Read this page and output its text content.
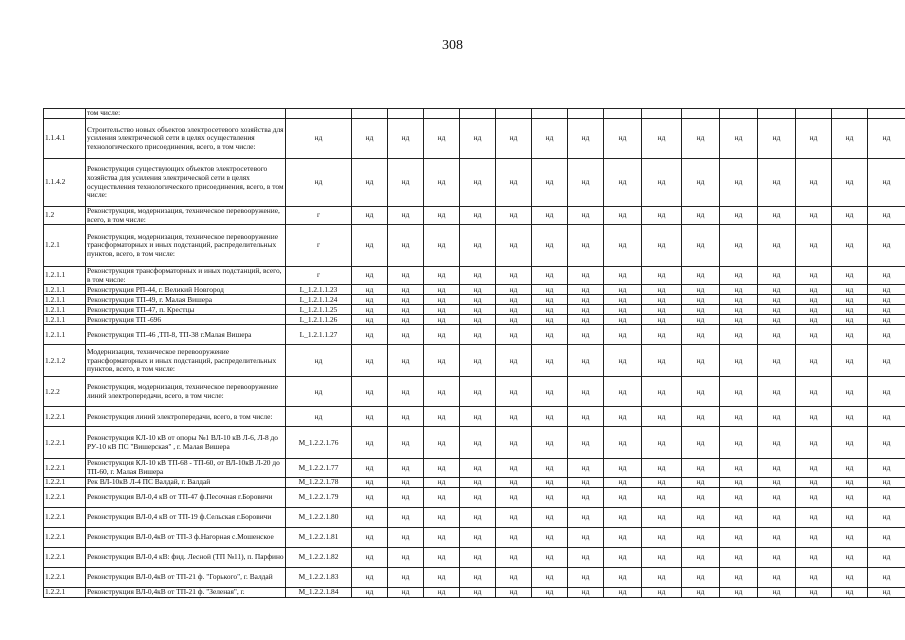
308
	том числе:																
1.1.4.1	Строительство новых объектов электросетевого хозяйства для усиления электрической сети в целях осуществления технологического присоединения, всего, в том числе:	нд	нд	нд	нд	нд	нд	нд	нд	нд	нд	нд	нд	нд	нд	нд	нд
1.1.4.2	Реконструкция существующих объектов электросетевого хозяйства для усиления электрической сети в целях осуществления технологического присоединения, всего, в том числе:	нд	нд	нд	нд	нд	нд	нд	нд	нд	нд	нд	нд	нд	нд	нд	нд
1.2	Реконструкция, модернизация, техническое перевооружение, всего, в том числе:	г	нд	нд	нд	нд	нд	нд	нд	нд	нд	нд	нд	нд	нд	нд	нд
1.2.1	Реконструкция, модернизация, техническое перевооружение трансформаторных и иных подстанций, распределительных пунктов, всего, в том числе:	г	нд	нд	нд	нд	нд	нд	нд	нд	нд	нд	нд	нд	нд	нд	нд
1.2.1.1	Реконструкция трансформаторных и иных подстанций, всего, в том числе:	г	нд	нд	нд	нд	нд	нд	нд	нд	нд	нд	нд	нд	нд	нд	нд
1.2.1.1	Реконструкция РП-44, г. Великий Новгород	L_1.2.1.1.23	нд	нд	нд	нд	нд	нд	нд	нд	нд	нд	нд	нд	нд	нд	нд
1.2.1.1	Реконструкция ТП-49, г. Малая Вишера	L_1.2.1.1.24	нд	нд	нд	нд	нд	нд	нд	нд	нд	нд	нд	нд	нд	нд	нд
1.2.1.1	Реконструкция ТП-47, п. Крестцы	L_1.2.1.1.25	нд	нд	нд	нд	нд	нд	нд	нд	нд	нд	нд	нд	нд	нд	нд
1.2.1.1	Реконструкция ТП -696	L_1.2.1.1.26	нд	нд	нд	нд	нд	нд	нд	нд	нд	нд	нд	нд	нд	нд	нд
1.2.1.1	Реконструкция ТП-46 ,ТП-8, ТП-38 г.Малая Вишера	L_1.2.1.1.27	нд	нд	нд	нд	нд	нд	нд	нд	нд	нд	нд	нд	нд	нд	нд
1.2.1.2	Модернизация, техническое перевооружение трансформаторных и иных подстанций, распределительных пунктов, всего, в том числе:	нд	нд	нд	нд	нд	нд	нд	нд	нд	нд	нд	нд	нд	нд	нд	нд
1.2.2	Реконструкция, модернизация, техническое перевооружение линий электропередачи, всего, в том числе:	нд	нд	нд	нд	нд	нд	нд	нд	нд	нд	нд	нд	нд	нд	нд	нд
1.2.2.1	Реконструкция линий электропередачи, всего, в том числе:	нд	нд	нд	нд	нд	нд	нд	нд	нд	нд	нд	нд	нд	нд	нд	нд
1.2.2.1	Реконструкция КЛ-10 кВ от опоры №1 ВЛ-10 кВ Л-6, Л-8 до РУ-10 кВ ПС "Вишерская" , г. Малая Вишера	M_1.2.2.1.76	нд	нд	нд	нд	нд	нд	нд	нд	нд	нд	нд	нд	нд	нд	нд
1.2.2.1	Реконструкция КЛ-10 кВ ТП-68 - ТП-60, от ВЛ-10кВ Л-20 до ТП-60, г. Малая Вишера	M_1.2.2.1.77	нд	нд	нд	нд	нд	нд	нд	нд	нд	нд	нд	нд	нд	нд	нд
1.2.2.1	Рек ВЛ-10кВ Л-4 ПС Валдай, г. Валдай	M_1.2.2.1.78	нд	нд	нд	нд	нд	нд	нд	нд	нд	нд	нд	нд	нд	нд	нд
1.2.2.1	Реконструкция ВЛ-0,4 кВ от ТП-47 ф.Песочная г.Боровичи	M_1.2.2.1.79	нд	нд	нд	нд	нд	нд	нд	нд	нд	нд	нд	нд	нд	нд	нд
1.2.2.1	Реконструкция ВЛ-0,4 кВ от ТП-19 ф.Сельская г.Боровичи	M_1.2.2.1.80	нд	нд	нд	нд	нд	нд	нд	нд	нд	нд	нд	нд	нд	нд	нд
1.2.2.1	Реконструкция ВЛ-0,4кВ от ТП-3 ф.Нагорная с.Мошенское	M_1.2.2.1.81	нд	нд	нд	нд	нд	нд	нд	нд	нд	нд	нд	нд	нд	нд	нд
1.2.2.1	Реконструкция ВЛ-0,4 кВ: фид. Лесной (ТП №11), п. Парфино	M_1.2.2.1.82	нд	нд	нд	нд	нд	нд	нд	нд	нд	нд	нд	нд	нд	нд	нд
1.2.2.1	Реконструкция ВЛ-0,4кВ от ТП-21 ф. "Горького", г. Валдай	M_1.2.2.1.83	нд	нд	нд	нд	нд	нд	нд	нд	нд	нд	нд	нд	нд	нд	нд
1.2.2.1	Реконструкция ВЛ-0,4кВ от ТП-21 ф. "Зеленая", г.	M_1.2.2.1.84	нд	нд	нд	нд	нд	нд	нд	нд	нд	нд	нд	нд	нд	нд	нд
